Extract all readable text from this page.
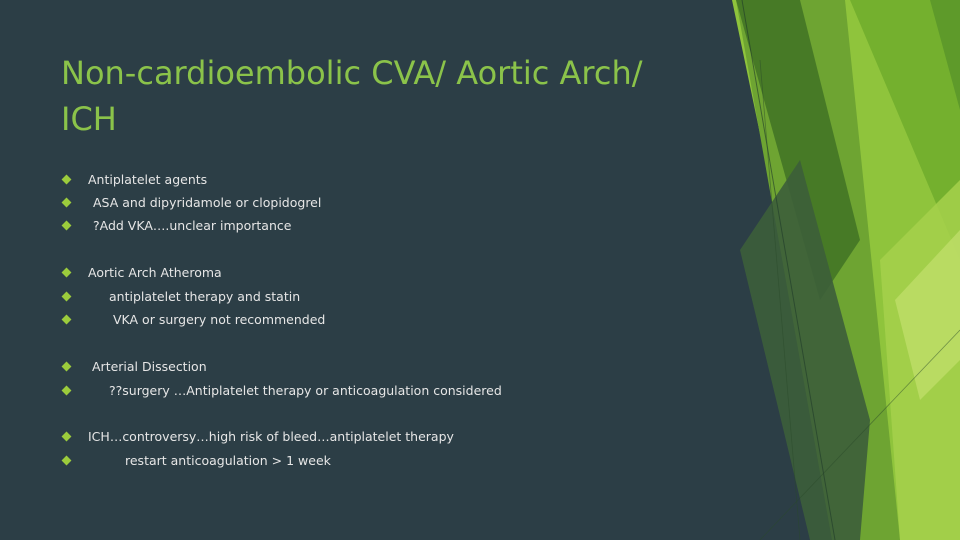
Non-cardioembolic CVA/ Aortic Arch/ ICH
Antiplatelet agents
ASA and dipyridamole or clopidogrel
?Add VKA….unclear importance
Aortic Arch Atheroma
antiplatelet therapy and statin
VKA or surgery not recommended
Arterial Dissection
??surgery …Antiplatelet therapy or anticoagulation considered
ICH…controversy…high risk of bleed…antiplatelet therapy
restart anticoagulation > 1 week
